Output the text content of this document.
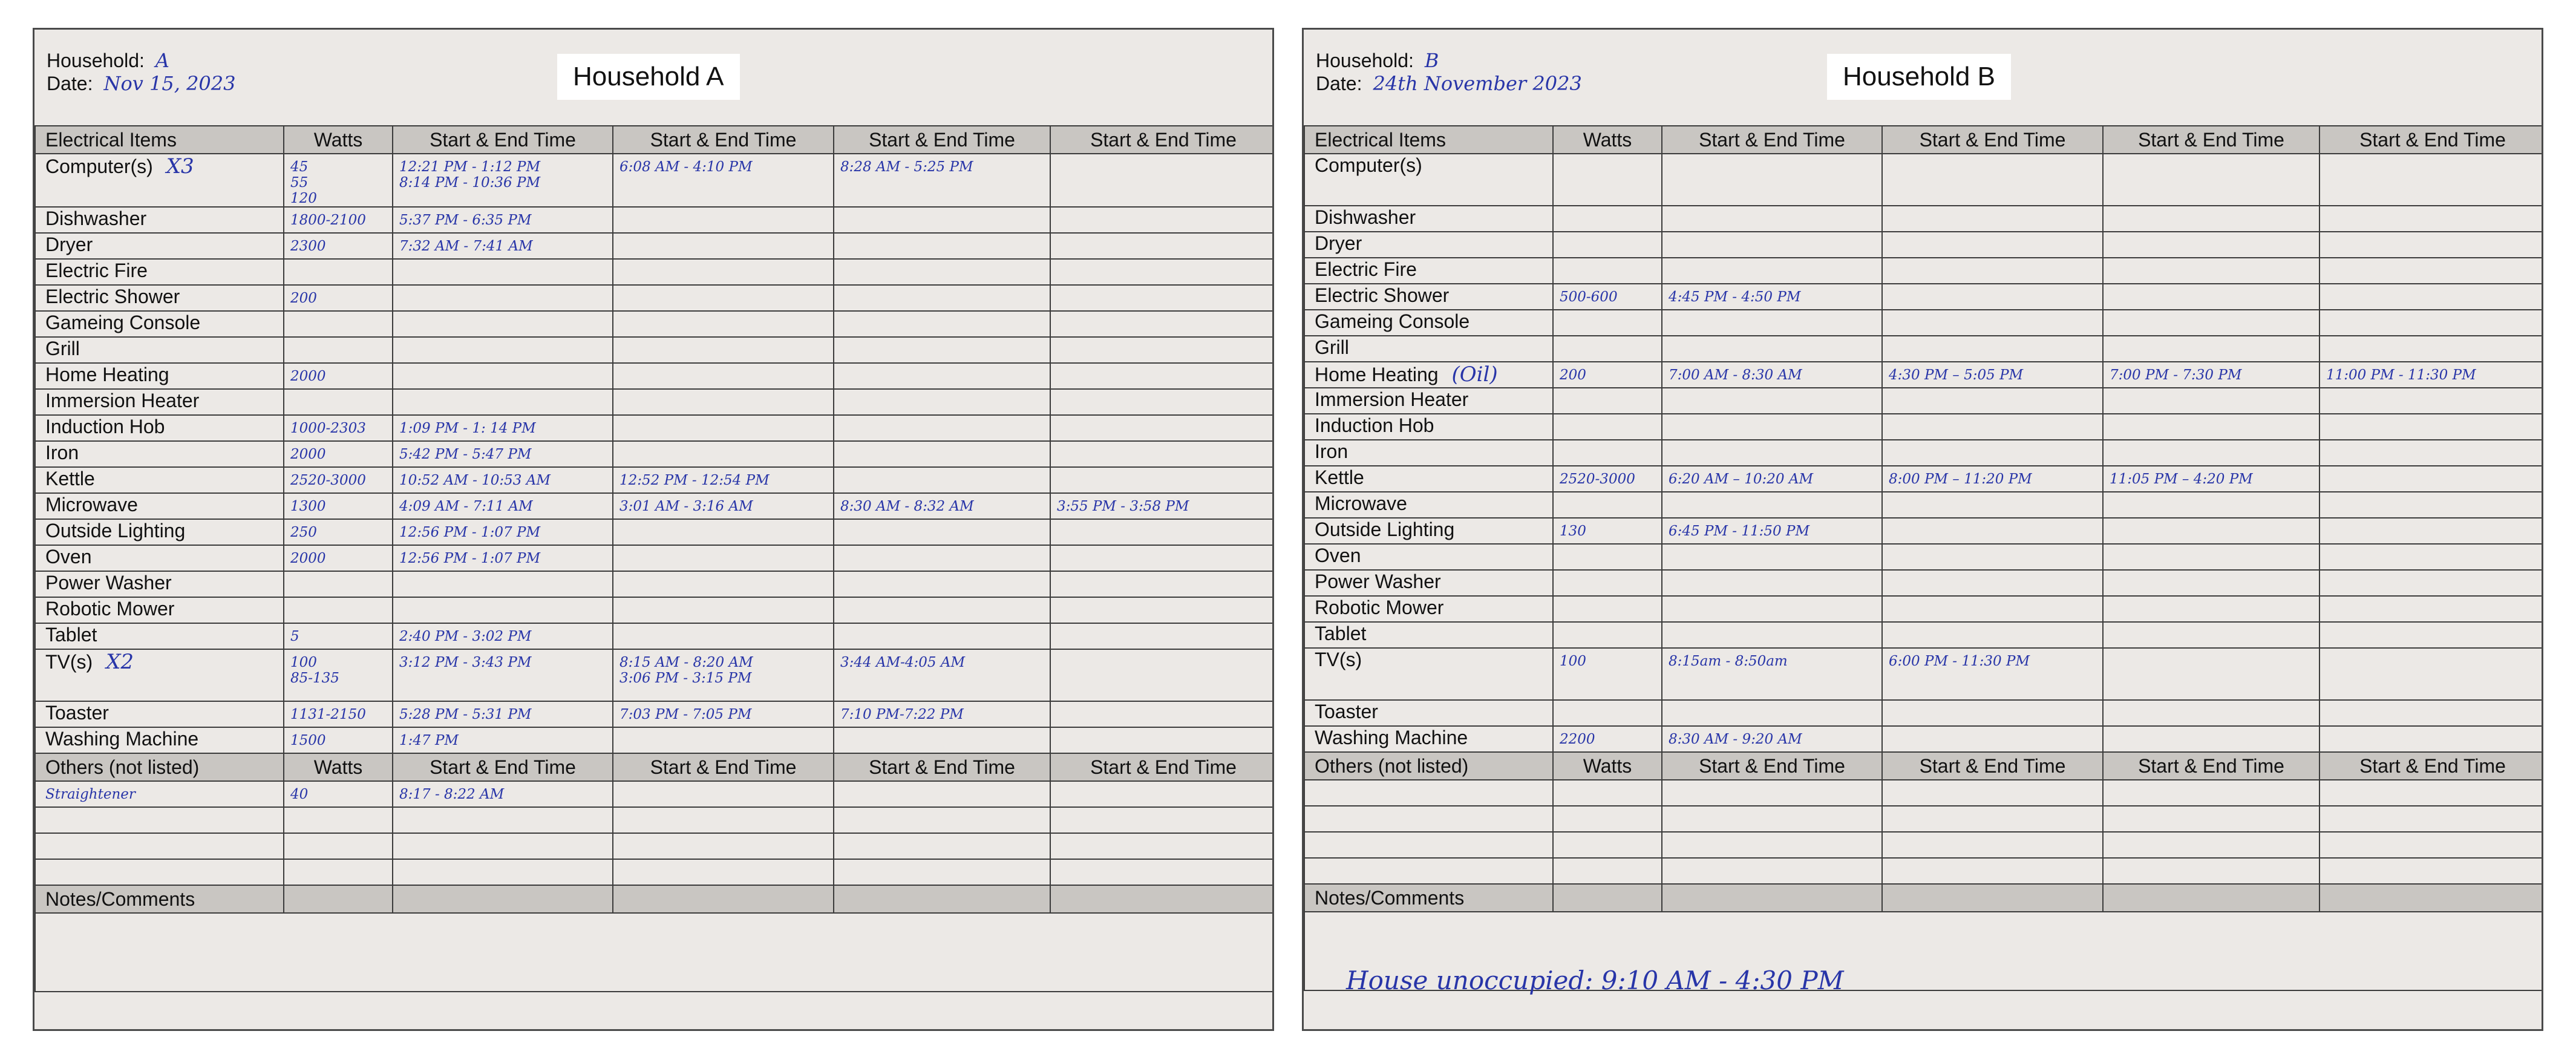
Household: A
Date: Nov 15, 2023	Household A
Electrical Items	Watts	Start & End Time	Start & End Time	Start & End Time	Start & End Time
Computer(s) X3	45
55
120	12:21 PM - 1:12 PM
8:14 PM - 10:36 PM	6:08 AM - 4:10 PM	8:28 AM - 5:25 PM	

Dishwasher	1800-2100	5:37 PM - 6:35 PM			

Dryer	2300	7:32 AM - 7:41 AM			

Electric Fire	

Electric Shower	200				

Gameing Console	

Grill	

Home Heating	2000				

Immersion Heater	

Induction Hob	1000-2303	1:09 PM - 1: 14 PM			

Iron	2000	5:42 PM - 5:47 PM			

Kettle	2520-3000	10:52 AM - 10:53 AM	12:52 PM - 12:54 PM		

Microwave	1300	4:09 AM - 7:11 AM	3:01 AM - 3:16 AM	8:30 AM - 8:32 AM	3:55 PM - 3:58 PM

Outside Lighting	250	12:56 PM - 1:07 PM			

Oven	2000	12:56 PM - 1:07 PM			

Power Washer	

Robotic Mower	

Tablet	5	2:40 PM - 3:02 PM			

TV(s) X2	100
85-135	3:12 PM - 3:43 PM	8:15 AM - 8:20 AM
3:06 PM - 3:15 PM	3:44 AM-4:05 AM	

Toaster	1131-2150	5:28 PM - 5:31 PM	7:03 PM - 7:05 PM	7:10 PM-7:22 PM	

Washing Machine	1500	1:47 PM			

Others (not listed)	Watts	Start & End Time	Start & End Time	Start & End Time	Start & End Time

Straightener	40	8:17 - 8:22 AM			

Notes/Comments					

Household: B
Date: 24th November 2023	Household B
Electrical Items	Watts	Start & End Time	Start & End Time	Start & End Time	Start & End Time
Computer(s)	

Dishwasher	

Dryer	

Electric Fire	

Electric Shower	500-600	4:45 PM - 4:50 PM			

Gameing Console	

Grill	

Home Heating (Oil)	200	7:00 AM - 8:30 AM	4:30 PM – 5:05 PM	7:00 PM - 7:30 PM	11:00 PM - 11:30 PM

Immersion Heater	

Induction Hob	

Iron	

Kettle	2520-3000	6:20 AM – 10:20 AM	8:00 PM – 11:20 PM	11:05 PM – 4:20 PM	

Microwave	

Outside Lighting	130	6:45 PM - 11:50 PM			

Oven	

Power Washer	

Robotic Mower	

Tablet	

TV(s)	100	8:15am - 8:50am	6:00 PM - 11:30 PM		

Toaster	

Washing Machine	2200	8:30 AM - 9:20 AM			

Others (not listed)	Watts	Start & End Time	Start & End Time	Start & End Time	Start & End Time

Notes/Comments					

House unoccupied: 9:10 AM - 4:30 PM
